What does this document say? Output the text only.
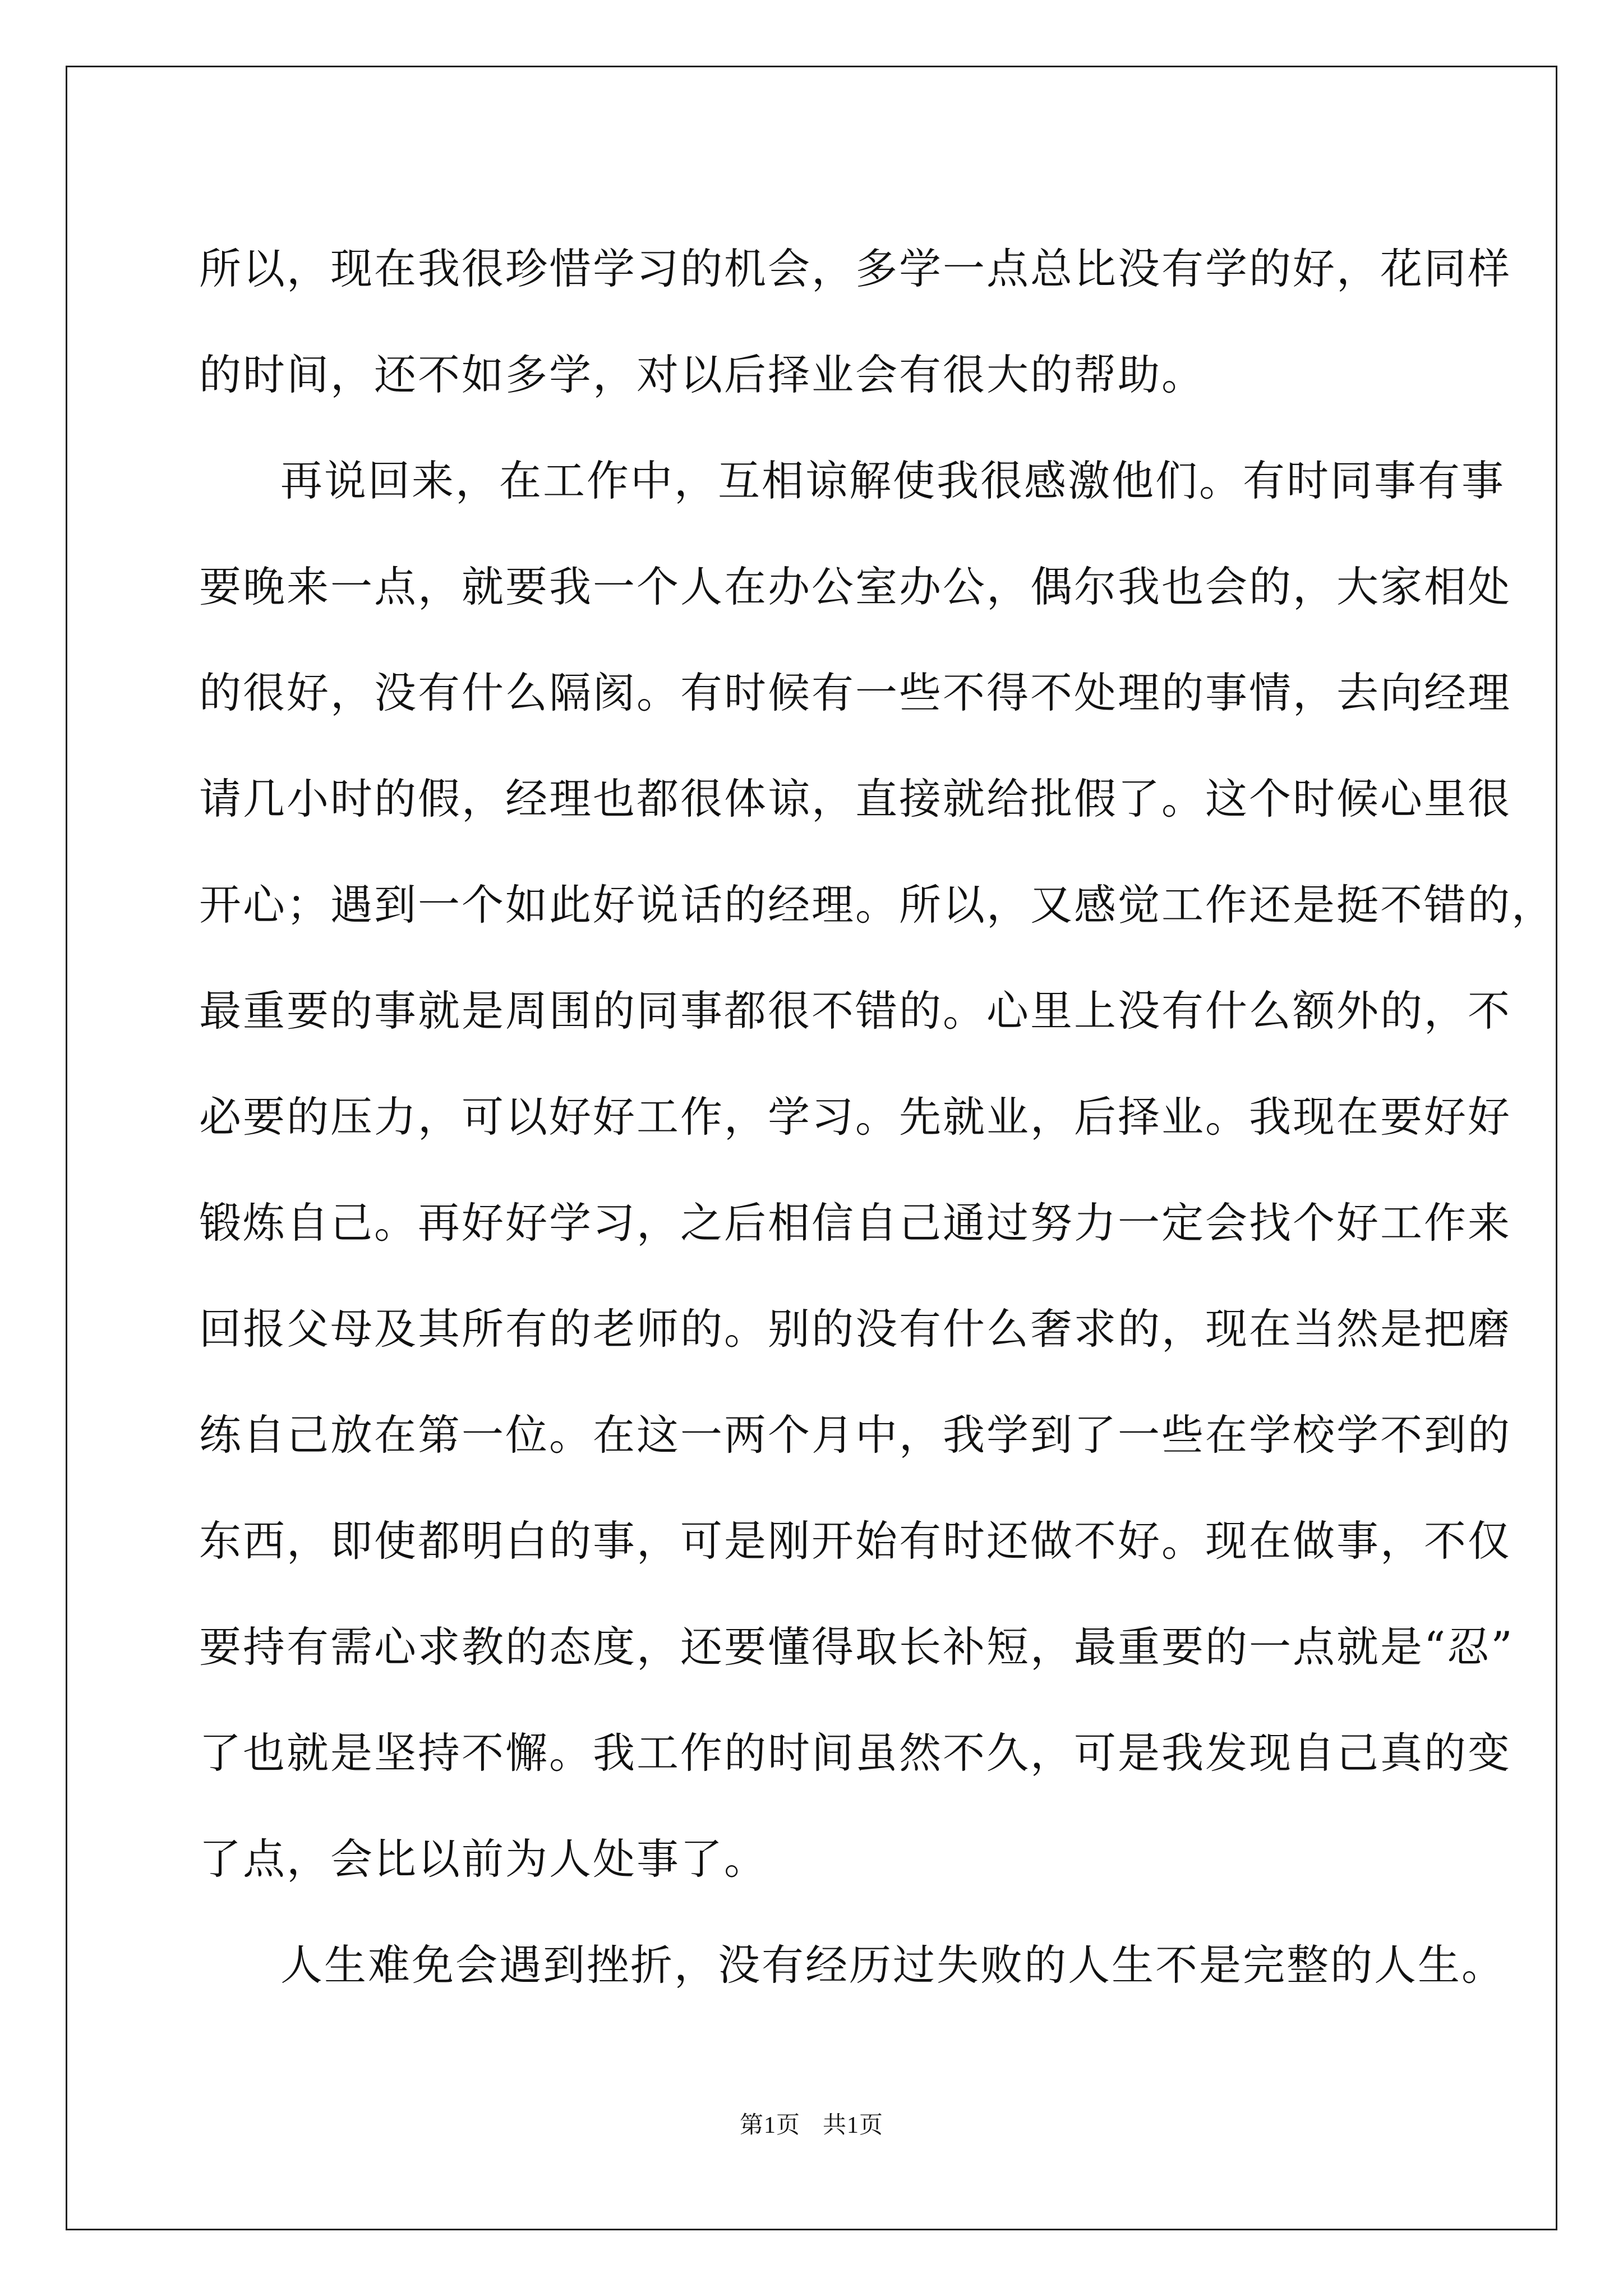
所以，现在我很珍惜学习的机会，多学一点总比没有学的好，花同样
的时间，还不如多学，对以后择业会有很大的帮助。

再说回来，在工作中，互相谅解使我很感激他们。有时同事有事
要晚来一点，就要我一个人在办公室办公，偶尔我也会的，大家相处
的很好，没有什么隔阂。有时候有一些不得不处理的事情，去向经理
请几小时的假，经理也都很体谅，直接就给批假了。这个时候心里很
开心；遇到一个如此好说话的经理。所以，又感觉工作还是挺不错的，
最重要的事就是周围的同事都很不错的。心里上没有什么额外的，不
必要的压力，可以好好工作，学习。先就业，后择业。我现在要好好
锻炼自己。再好好学习，之后相信自己通过努力一定会找个好工作来
回报父母及其所有的老师的。别的没有什么奢求的，现在当然是把磨
练自己放在第一位。在这一两个月中，我学到了一些在学校学不到的
东西，即使都明白的事，可是刚开始有时还做不好。现在做事，不仅
要持有需心求教的态度，还要懂得取长补短，最重要的一点就是“忍”
了也就是坚持不懈。我工作的时间虽然不久，可是我发现自己真的变
了点，会比以前为人处事了。

人生难免会遇到挫折，没有经历过失败的人生不是完整的人生。

第1页 共1页
